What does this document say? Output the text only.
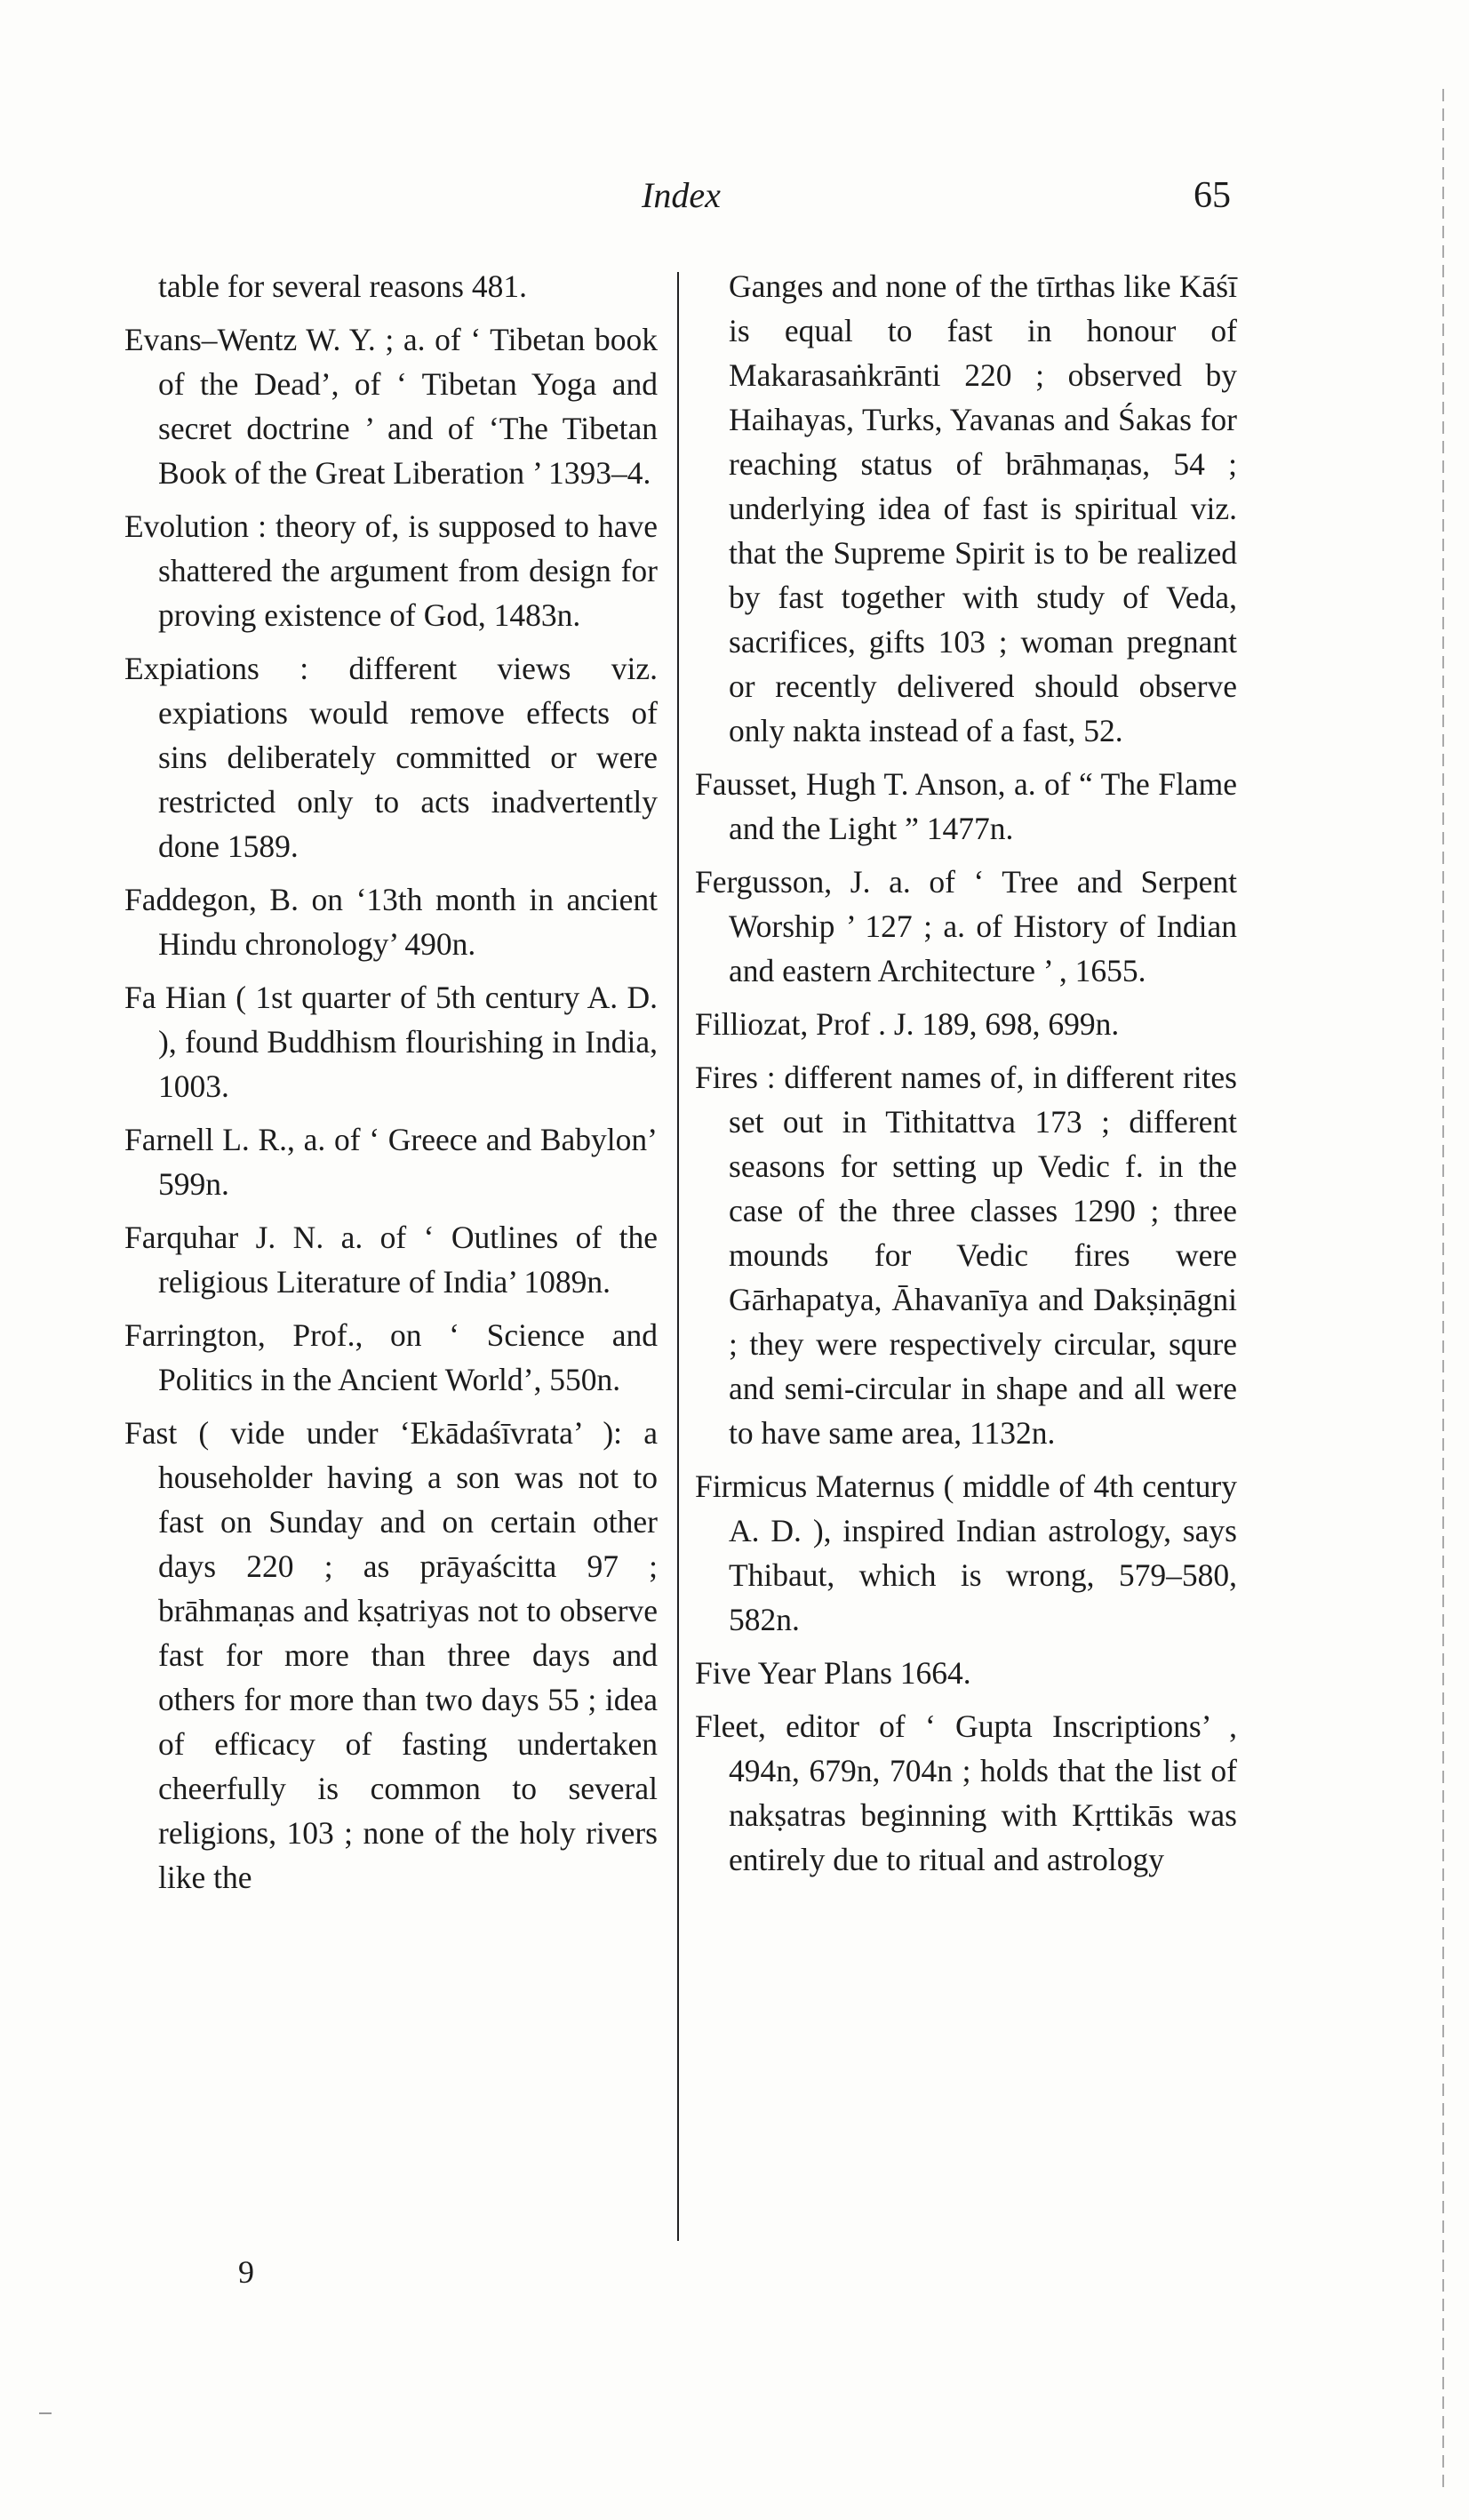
Index	65

table for several reasons 481.

Evans–Wentz W. Y. ; a. of ‘ Tibetan book of the Dead’, of ‘ Tibetan Yoga and secret doctrine ’ and of ‘The Tibetan Book of the Great Liberation ’ 1393–4.

Evolution : theory of, is supposed to have shattered the argument from design for proving existence of God, 1483n.

Expiations : different views viz. expiations would remove effects of sins deliberately committed or were restricted only to acts inadvertently done 1589.

Faddegon, B. on ‘13th month in ancient Hindu chronology’ 490n.

Fa Hian ( 1st quarter of 5th century A. D. ), found Buddhism flourishing in India, 1003.

Farnell L. R., a. of ‘ Greece and Babylon’ 599n.

Farquhar J. N. a. of ‘ Outlines of the religious Literature of India’ 1089n.

Farrington, Prof., on ‘ Science and Politics in the Ancient World’, 550n.

Fast ( vide under ‘Ekādaśīvrata’ ): a householder having a son was not to fast on Sunday and on certain other days 220 ; as prāyaścitta 97 ; brāhmaṇas and kṣatriyas not to observe fast for more than three days and others for more than two days 55 ; idea of efficacy of fasting undertaken cheerfully is common to several religions, 103 ; none of the holy rivers like the

Ganges and none of the tīrthas like Kāśī is equal to fast in honour of Makarasaṅkrānti 220 ; observed by Haihayas, Turks, Yavanas and Śakas for reaching status of brāhmaṇas, 54 ; underlying idea of fast is spiritual viz. that the Supreme Spirit is to be realized by fast together with study of Veda, sacrifices, gifts 103 ; woman pregnant or recently delivered should observe only nakta instead of a fast, 52.

Fausset, Hugh T. Anson, a. of “ The Flame and the Light ” 1477n.

Fergusson, J. a. of ‘ Tree and Serpent Worship ’ 127 ; a. of History of Indian and eastern Architecture ’ , 1655.

Filliozat, Prof . J. 189, 698, 699n.

Fires : different names of, in different rites set out in Tithitattva 173 ; different seasons for setting up Vedic f. in the case of the three classes 1290 ; three mounds for Vedic fires were Gārhapatya, Āhavanīya and Dakṣiṇāgni ; they were respectively circular, squre and semi-circular in shape and all were to have same area, 1132n.

Firmicus Maternus ( middle of 4th century A. D. ), inspired Indian astrology, says Thibaut, which is wrong, 579–580, 582n.

Five Year Plans 1664.

Fleet, editor of ‘ Gupta Inscriptions’ , 494n, 679n, 704n ; holds that the list of nakṣatras beginning with Kṛttikās was entirely due to ritual and astrology

9
